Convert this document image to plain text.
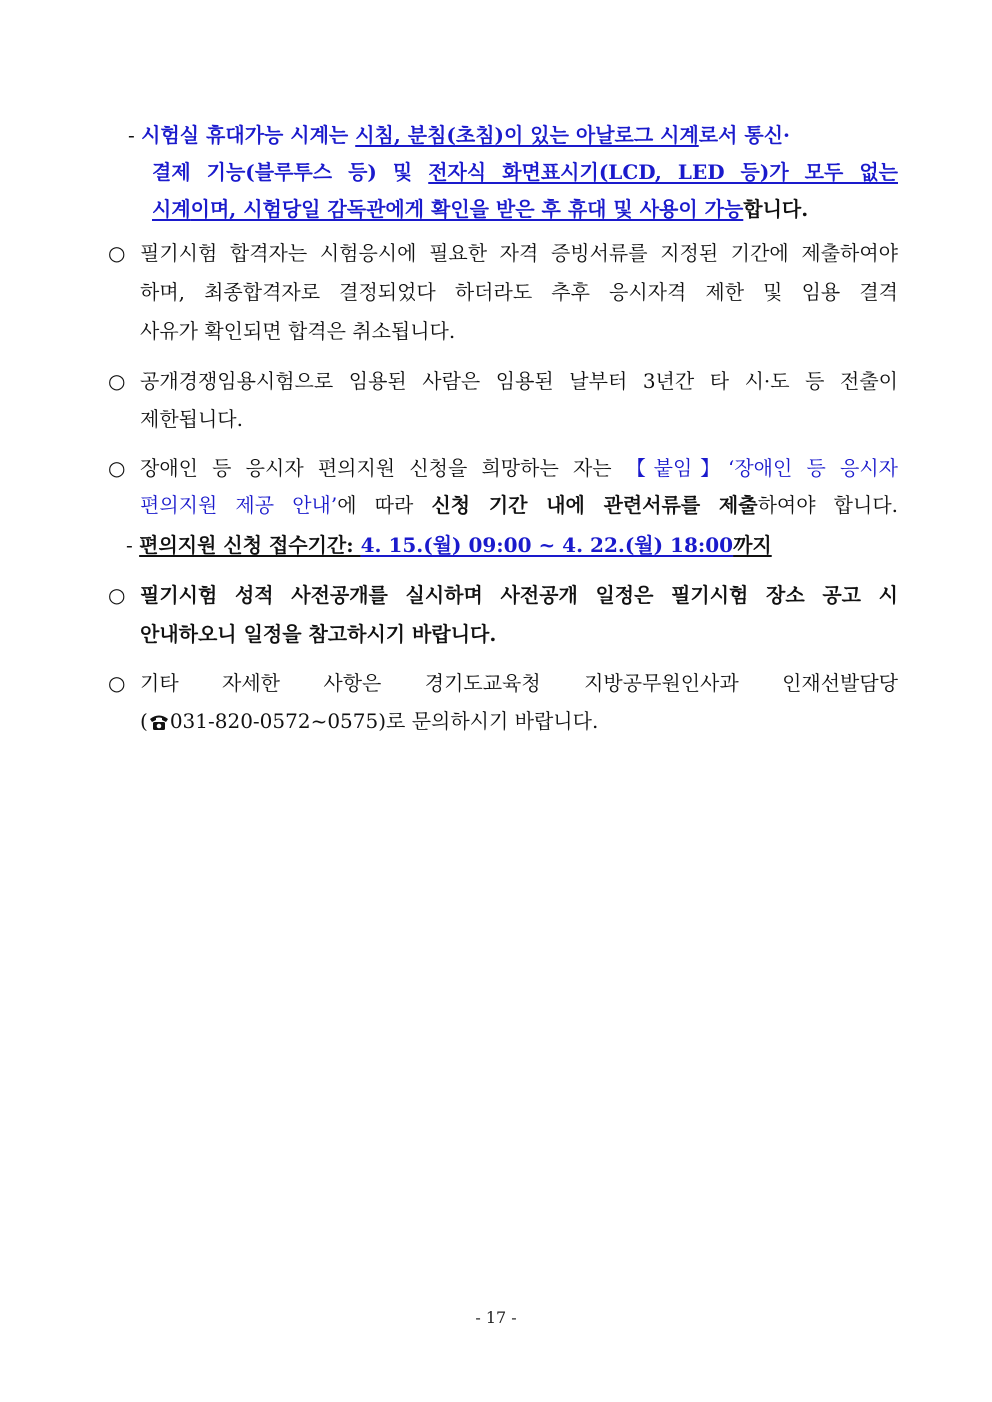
- 시험실 휴대가능 시계는 시침, 분침(초침)이 있는 아날로그 시계로서 통신·
결제 기능(블루투스 등) 및 전자식 화면표시기(LCD, LED 등)가 모두 없는
시계이며, 시험당일 감독관에게 확인을 받은 후 휴대 및 사용이 가능합니다.
○ 필기시험 합격자는 시험응시에 필요한 자격 증빙서류를 지정된 기간에 제출하여야
하며, 최종합격자로 결정되었다 하더라도 추후 응시자격 제한 및 임용 결격
사유가 확인되면 합격은 취소됩니다.
○ 공개경쟁임용시험으로 임용된 사람은 임용된 날부터 3년간 타 시·도 등 전출이
제한됩니다.
○ 장애인 등 응시자 편의지원 신청을 희망하는 자는 【붙임】‘장애인 등 응시자
편의지원 제공 안내’에 따라 신청 기간 내에 관련서류를 제출하여야 합니다.
- 편의지원 신청 접수기간: 4. 15.(월) 09:00 ~ 4. 22.(월) 18:00까지
○ 필기시험 성적 사전공개를 실시하며 사전공개 일정은 필기시험 장소 공고 시
안내하오니 일정을 참고하시기 바랍니다.
○ 기타 자세한 사항은 경기도교육청 지방공무원인사과 인재선발담당
( 031-820-0572~0575)로 문의하시기 바랍니다.
- 17 -
